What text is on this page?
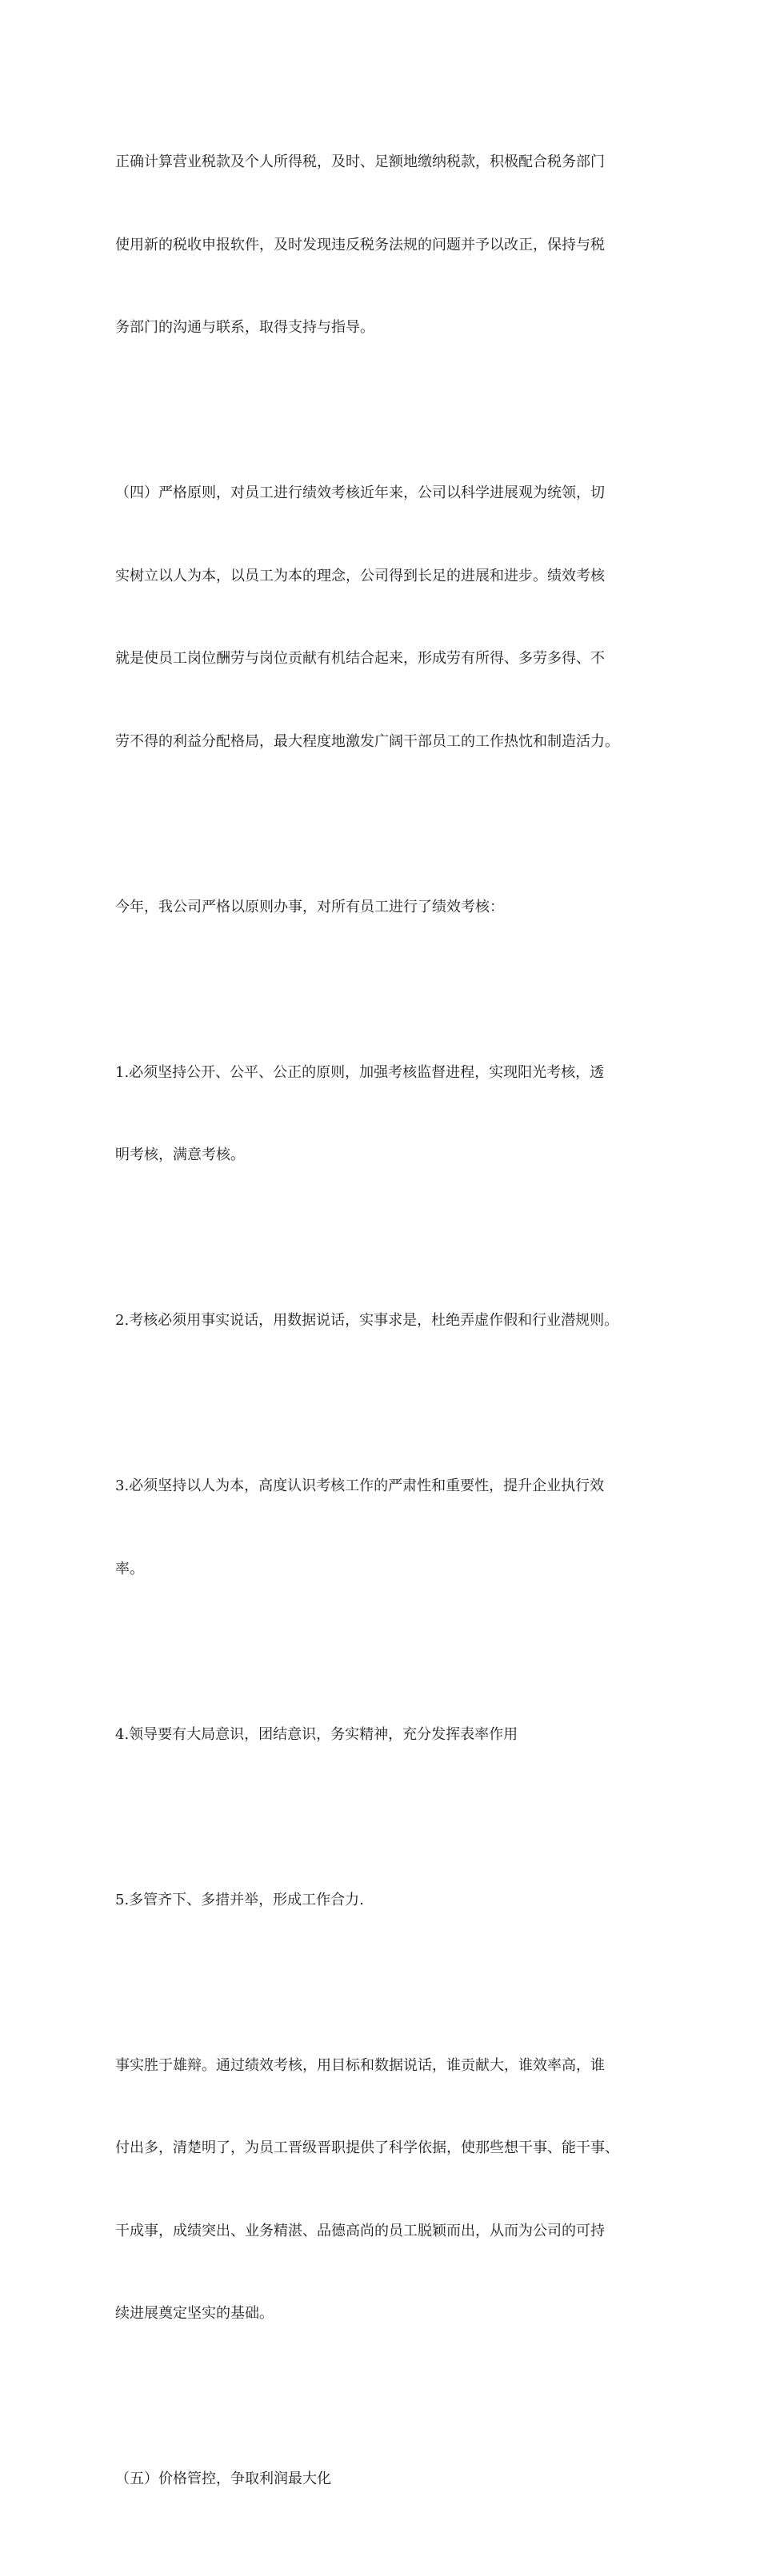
正确计算营业税款及个人所得税，及时、足额地缴纳税款，积极配合税务部门

使用新的税收申报软件，及时发现违反税务法规的问题并予以改正，保持与税

务部门的沟通与联系，取得支持与指导。

（四）严格原则，对员工进行绩效考核近年来，公司以科学进展观为统领，切

实树立以人为本，以员工为本的理念，公司得到长足的进展和进步。绩效考核

就是使员工岗位酬劳与岗位贡献有机结合起来，形成劳有所得、多劳多得、不

劳不得的利益分配格局，最大程度地激发广阔干部员工的工作热忱和制造活力。

今年，我公司严格以原则办事，对所有员工进行了绩效考核：

1.必须坚持公开、公平、公正的原则，加强考核监督进程，实现阳光考核，透

明考核，满意考核。

2.考核必须用事实说话，用数据说话，实事求是，杜绝弄虚作假和行业潜规则。

3.必须坚持以人为本，高度认识考核工作的严肃性和重要性，提升企业执行效

率。

4.领导要有大局意识，团结意识，务实精神，充分发挥表率作用

5.多管齐下、多措并举，形成工作合力.

事实胜于雄辩。通过绩效考核，用目标和数据说话，谁贡献大，谁效率高，谁

付出多，清楚明了，为员工晋级晋职提供了科学依据，使那些想干事、能干事、

干成事，成绩突出、业务精湛、品德高尚的员工脱颖而出，从而为公司的可持

续进展奠定坚实的基础。

（五）价格管控，争取利润最大化
